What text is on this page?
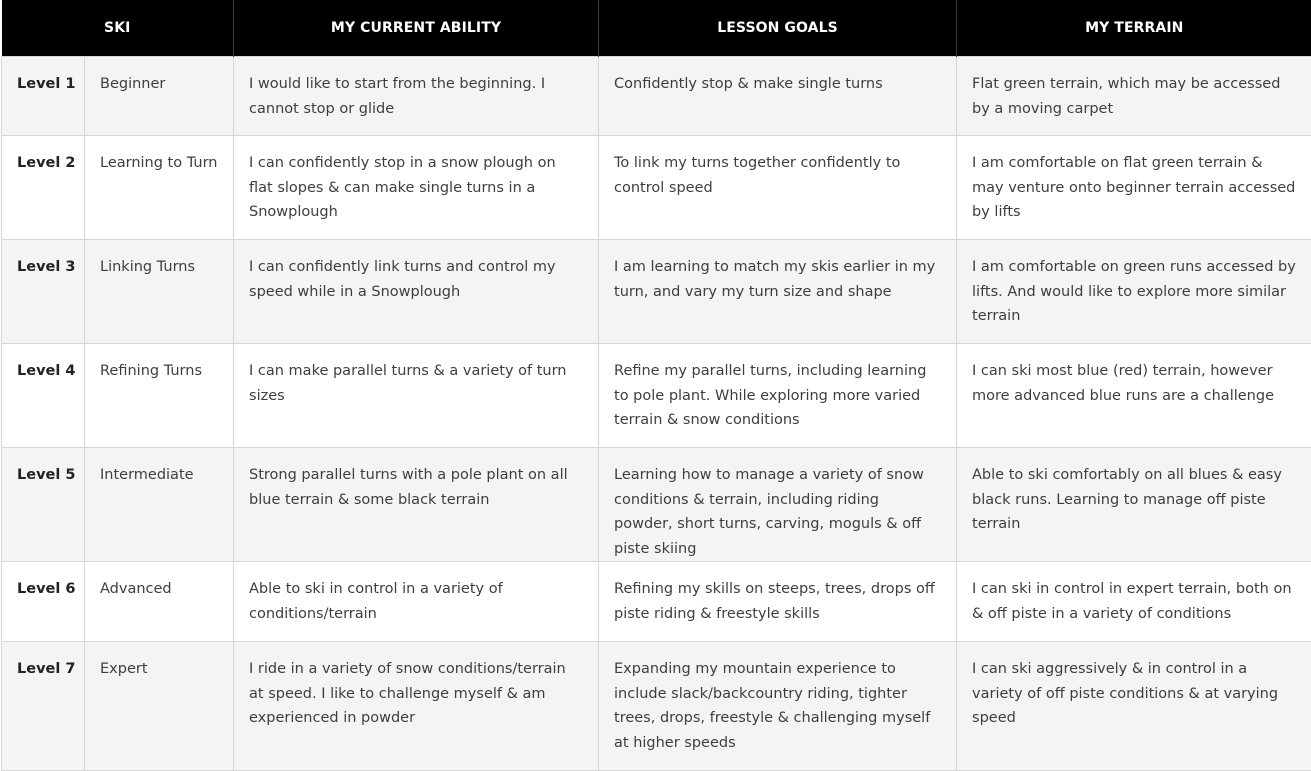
SKI		MY CURRENT ABILITY	LESSON GOALS	MY TERRAIN
Level 1	Beginner	I would like to start from the beginning. I cannot stop or glide	Confidently stop & make single turns	Flat green terrain, which may be accessed by a moving carpet
Level 2	Learning to Turn	I can confidently stop in a snow plough on flat slopes & can make single turns in a Snowplough	To link my turns together confidently to control speed	I am comfortable on flat green terrain & may venture onto beginner terrain accessed by lifts
Level 3	Linking Turns	I can confidently link turns and control my speed while in a Snowplough	I am learning to match my skis earlier in my turn, and vary my turn size and shape	I am comfortable on green runs accessed by lifts. And would like to explore more similar terrain
Level 4	Refining Turns	I can make parallel turns & a variety of turn sizes	Refine my parallel turns, including learning to pole plant. While exploring more varied terrain & snow conditions	I can ski most blue (red) terrain, however more advanced blue runs are a challenge
Level 5	Intermediate	Strong parallel turns with a pole plant on all blue terrain & some black terrain	Learning how to manage a variety of snow conditions & terrain, including riding powder, short turns, carving, moguls & off piste skiing	Able to ski comfortably on all blues & easy black runs. Learning to manage off piste terrain
Level 6	Advanced	Able to ski in control in a variety of conditions/terrain	Refining my skills on steeps, trees, drops off piste riding & freestyle skills	I can ski in control in expert terrain, both on & off piste in a variety of conditions
Level 7	Expert	I ride in a variety of snow conditions/terrain at speed. I like to challenge myself & am experienced in powder	Expanding my mountain experience to include slack/backcountry riding, tighter trees, drops, freestyle & challenging myself at higher speeds	I can ski aggressively & in control in a variety of off piste conditions & at varying speed
